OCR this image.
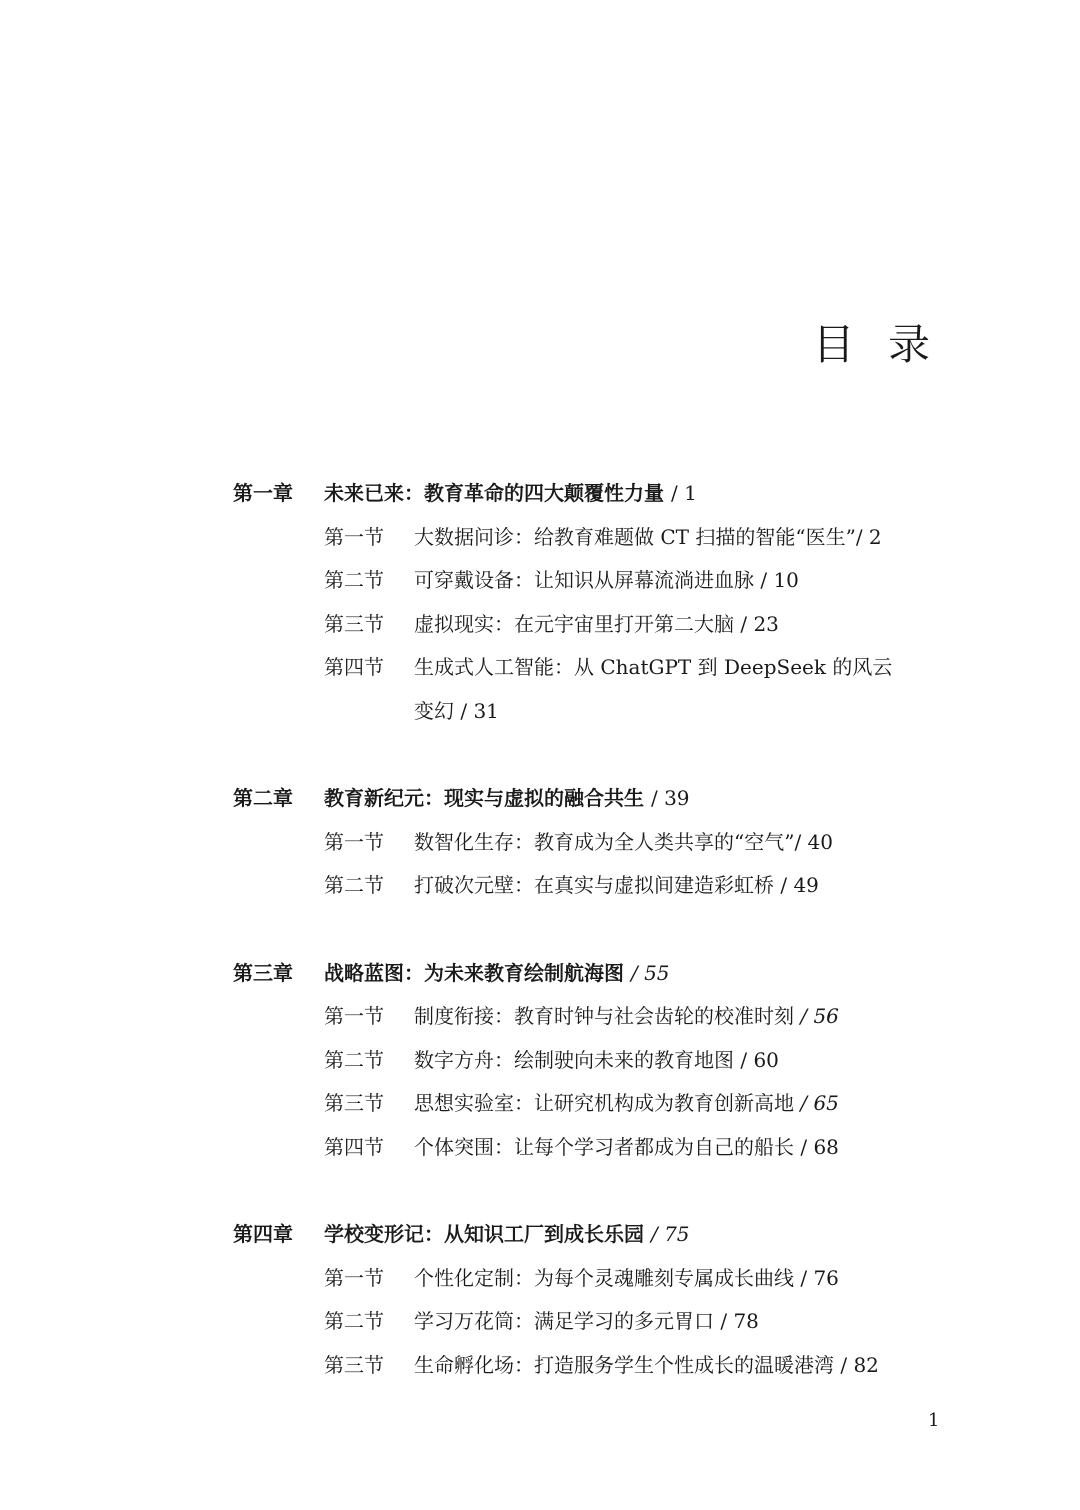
目 录
第一章 未来已来：教育革命的四大颠覆性力量 / 1
第一节 大数据问诊：给教育难题做 CT 扫描的智能“医生”/ 2
第二节 可穿戴设备：让知识从屏幕流淌进血脉 / 10
第三节 虚拟现实：在元宇宙里打开第二大脑 / 23
第四节 生成式人工智能：从 ChatGPT 到 DeepSeek 的风云
变幻 / 31
第二章 教育新纪元：现实与虚拟的融合共生 / 39
第一节 数智化生存：教育成为全人类共享的“空气”/ 40
第二节 打破次元壁：在真实与虚拟间建造彩虹桥 / 49
第三章 战略蓝图：为未来教育绘制航海图 / 55
第一节 制度衔接：教育时钟与社会齿轮的校准时刻 / 56
第二节 数字方舟：绘制驶向未来的教育地图 / 60
第三节 思想实验室：让研究机构成为教育创新高地 / 65
第四节 个体突围：让每个学习者都成为自己的船长 / 68
第四章 学校变形记：从知识工厂到成长乐园 / 75
第一节 个性化定制：为每个灵魂雕刻专属成长曲线 / 76
第二节 学习万花筒：满足学习的多元胃口 / 78
第三节 生命孵化场：打造服务学生个性成长的温暖港湾 / 82
1
